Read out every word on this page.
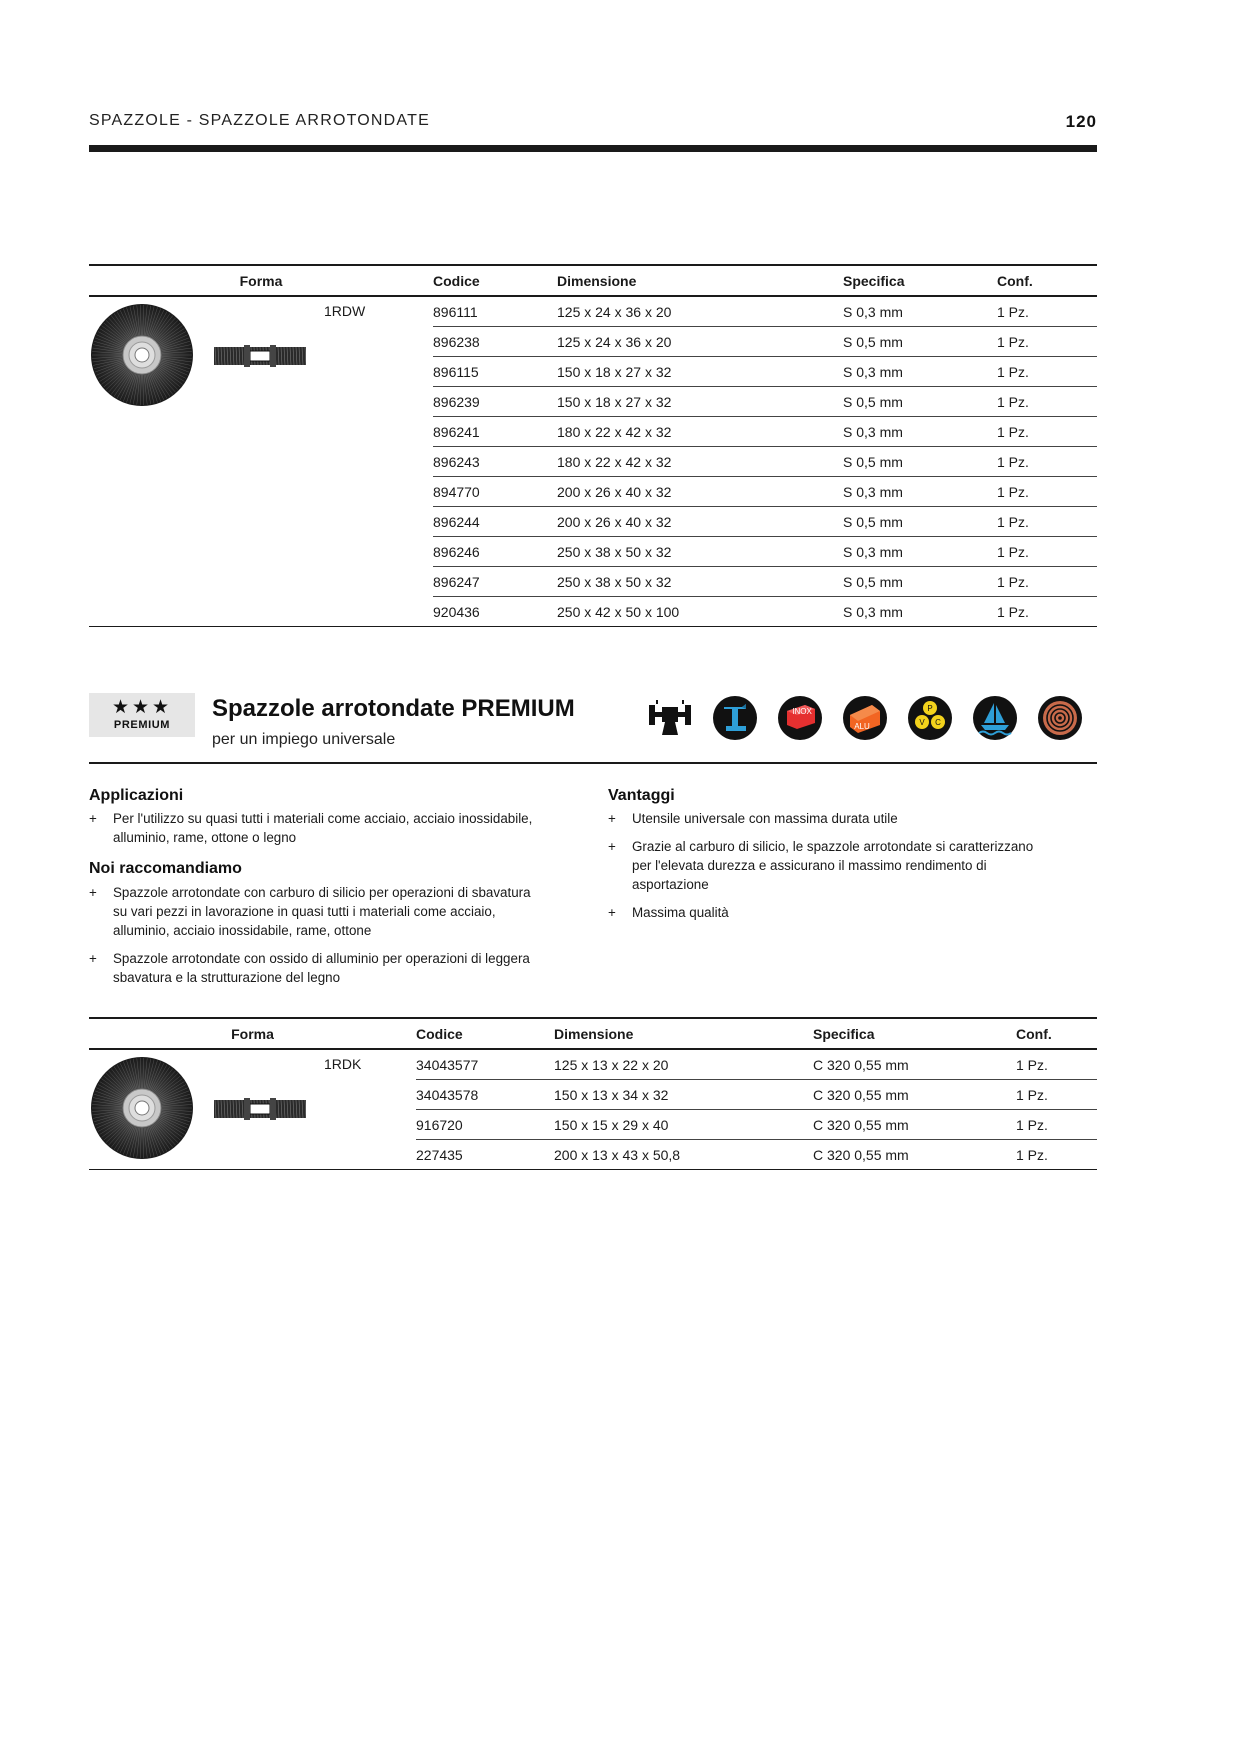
SPAZZOLE - SPAZZOLE ARROTONDATE	120
Forma	Codice	Dimensione	Specifica	Conf.

1RDW	896111	125 x 24 x 36 x 20	S 0,3 mm	1 Pz.
	896238	125 x 24 x 36 x 20	S 0,5 mm	1 Pz.
	896115	150 x 18 x 27 x 32	S 0,3 mm	1 Pz.
	896239	150 x 18 x 27 x 32	S 0,5 mm	1 Pz.
	896241	180 x 22 x 42 x 32	S 0,3 mm	1 Pz.
	896243	180 x 22 x 42 x 32	S 0,5 mm	1 Pz.
	894770	200 x 26 x 40 x 32	S 0,3 mm	1 Pz.
	896244	200 x 26 x 40 x 32	S 0,5 mm	1 Pz.
	896246	250 x 38 x 50 x 32	S 0,3 mm	1 Pz.
	896247	250 x 38 x 50 x 32	S 0,5 mm	1 Pz.
	920436	250 x 42 x 50 x 100	S 0,3 mm	1 Pz.
★★★
PREMIUM
Spazzole arrotondate PREMIUM
per un impiego universale
INOX
ALU
P
V C
Applicazioni
+ Per l'utilizzo su quasi tutti i materiali come acciaio, acciaio inossidabile,
alluminio, rame, ottone o legno
Noi raccomandiamo
+ Spazzole arrotondate con carburo di silicio per operazioni di sbavatura
su vari pezzi in lavorazione in quasi tutti i materiali come acciaio,
alluminio, acciaio inossidabile, rame, ottone
+ Spazzole arrotondate con ossido di alluminio per operazioni di leggera
sbavatura e la strutturazione del legno
Vantaggi
+ Utensile universale con massima durata utile
+ Grazie al carburo di silicio, le spazzole arrotondate si caratterizzano
per l'elevata durezza e assicurano il massimo rendimento di
asportazione
+ Massima qualità
Forma	Codice	Dimensione	Specifica	Conf.

1RDK	34043577	125 x 13 x 22 x 20	C 320 0,55 mm	1 Pz.
	34043578	150 x 13 x 34 x 32	C 320 0,55 mm	1 Pz.
	916720	150 x 15 x 29 x 40	C 320 0,55 mm	1 Pz.
	227435	200 x 13 x 43 x 50,8	C 320 0,55 mm	1 Pz.
